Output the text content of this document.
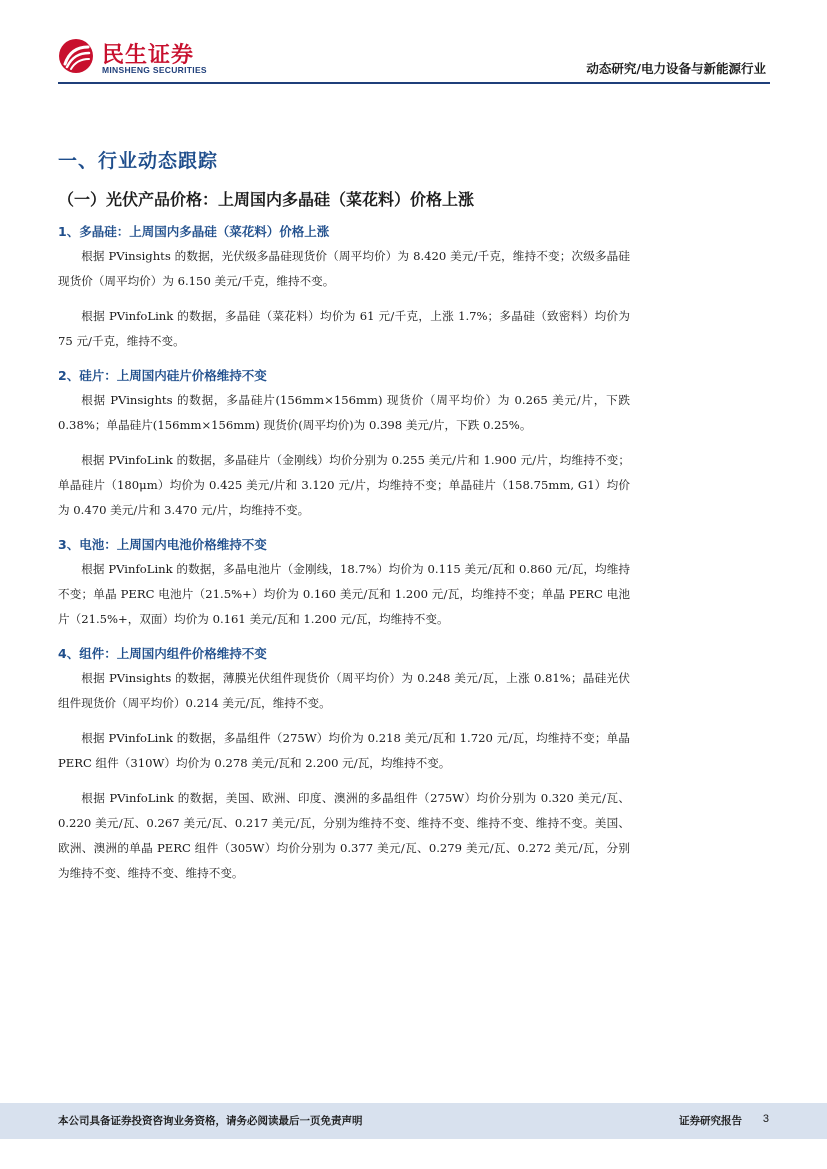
民生证券
MINSHENG SECURITIES	动态研究/电力设备与新能源行业
一、行业动态跟踪
（一）光伏产品价格：上周国内多晶硅（菜花料）价格上涨
1、多晶硅：上周国内多晶硅（菜花料）价格上涨

根据 PVinsights 的数据，光伏级多晶硅现货价（周平均价）为 8.420 美元/千克，维持不变；次级多晶硅现货价（周平均价）为 6.150 美元/千克，维持不变。

根据 PVinfoLink 的数据，多晶硅（菜花料）均价为 61 元/千克，上涨 1.7%；多晶硅（致密料）均价为 75 元/千克，维持不变。

2、硅片：上周国内硅片价格维持不变

根据 PVinsights 的数据，多晶硅片(156mm×156mm) 现货价（周平均价）为 0.265 美元/片，下跌 0.38%；单晶硅片(156mm×156mm) 现货价(周平均价)为 0.398 美元/片，下跌 0.25%。

根据 PVinfoLink 的数据，多晶硅片（金刚线）均价分别为 0.255 美元/片和 1.900 元/片，均维持不变；单晶硅片（180μm）均价为 0.425 美元/片和 3.120 元/片，均维持不变；单晶硅片（158.75mm, G1）均价为 0.470 美元/片和 3.470 元/片，均维持不变。

3、电池：上周国内电池价格维持不变

根据 PVinfoLink 的数据，多晶电池片（金刚线，18.7%）均价为 0.115 美元/瓦和 0.860 元/瓦，均维持不变；单晶 PERC 电池片（21.5%+）均价为 0.160 美元/瓦和 1.200 元/瓦，均维持不变；单晶 PERC 电池片（21.5%+，双面）均价为 0.161 美元/瓦和 1.200 元/瓦，均维持不变。

4、组件：上周国内组件价格维持不变

根据 PVinsights 的数据，薄膜光伏组件现货价（周平均价）为 0.248 美元/瓦，上涨 0.81%；晶硅光伏组件现货价（周平均价）0.214 美元/瓦，维持不变。

根据 PVinfoLink 的数据，多晶组件（275W）均价为 0.218 美元/瓦和 1.720 元/瓦，均维持不变；单晶 PERC 组件（310W）均价为 0.278 美元/瓦和 2.200 元/瓦，均维持不变。

根据 PVinfoLink 的数据，美国、欧洲、印度、澳洲的多晶组件（275W）均价分别为 0.320 美元/瓦、0.220 美元/瓦、0.267 美元/瓦、0.217 美元/瓦，分别为维持不变、维持不变、维持不变、维持不变。美国、欧洲、澳洲的单晶 PERC 组件（305W）均价分别为 0.377 美元/瓦、0.279 美元/瓦、0.272 美元/瓦，分别为维持不变、维持不变、维持不变。

本公司具备证券投资咨询业务资格，请务必阅读最后一页免责声明	证券研究报告 3
